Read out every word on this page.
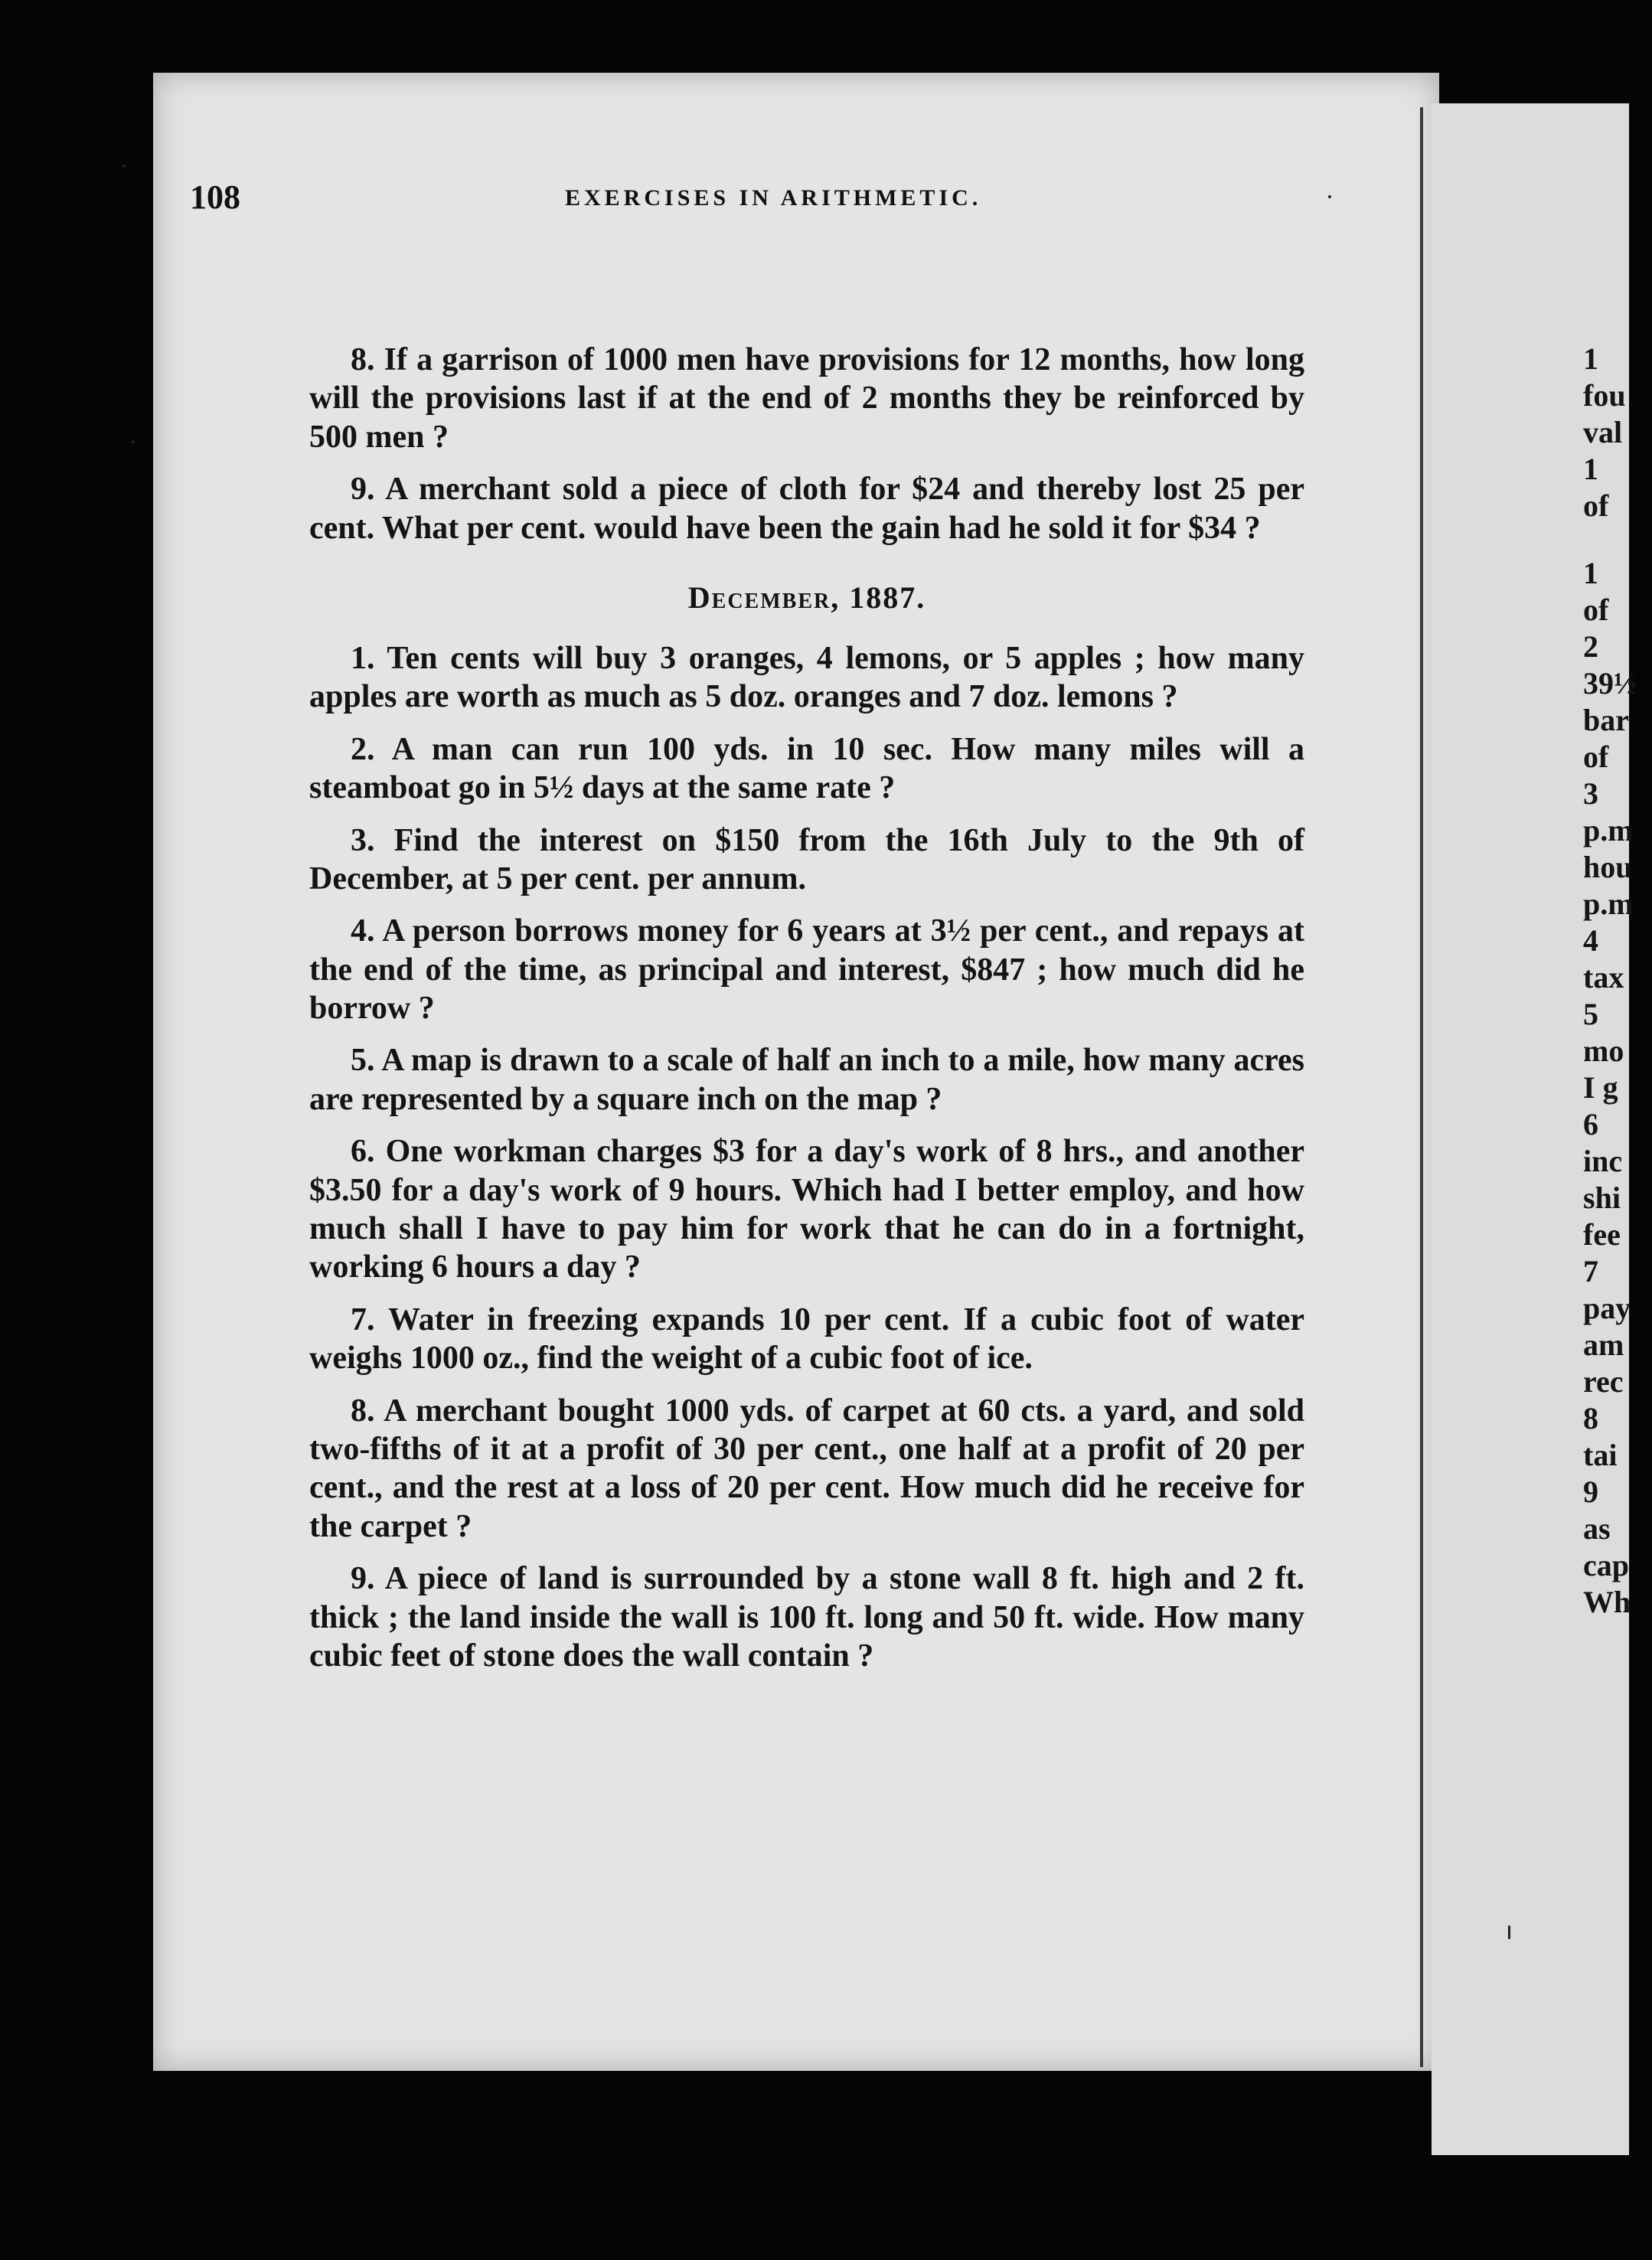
108	EXERCISES IN ARITHMETIC.

8. If a garrison of 1000 men have provisions for 12 months, how long will the provisions last if at the end of 2 months they be reinforced by 500 men ?

9. A merchant sold a piece of cloth for $24 and thereby lost 25 per cent. What per cent. would have been the gain had he sold it for $34 ?

December, 1887.

1. Ten cents will buy 3 oranges, 4 lemons, or 5 apples ; how many apples are worth as much as 5 doz. oranges and 7 doz. lemons ?

2. A man can run 100 yds. in 10 sec. How many miles will a steamboat go in 5½ days at the same rate ?

3. Find the interest on $150 from the 16th July to the 9th of December, at 5 per cent. per annum.

4. A person borrows money for 6 years at 3½ per cent., and repays at the end of the time, as principal and interest, $847 ; how much did he borrow ?

5. A map is drawn to a scale of half an inch to a mile, how many acres are represented by a square inch on the map ?

6. One workman charges $3 for a day's work of 8 hrs., and another $3.50 for a day's work of 9 hours. Which had I better employ, and how much shall I have to pay him for work that he can do in a fortnight, working 6 hours a day ?

7. Water in freezing expands 10 per cent. If a cubic foot of water weighs 1000 oz., find the weight of a cubic foot of ice.

8. A merchant bought 1000 yds. of carpet at 60 cts. a yard, and sold two-fifths of it at a profit of 30 per cent., one half at a profit of 20 per cent., and the rest at a loss of 20 per cent. How much did he receive for the carpet ?

9. A piece of land is surrounded by a stone wall 8 ft. high and 2 ft. thick ; the land inside the wall is 100 ft. long and 50 ft. wide. How many cubic feet of stone does the wall contain ?

1
fou
val
1
of
1
of
2
39½
bar
of
3
p.m
hou
p.m
4
tax
5
mo
I g
6
inc
shi
fee
7
pay
am
rec
8
tai
9
as
cap
Wh
